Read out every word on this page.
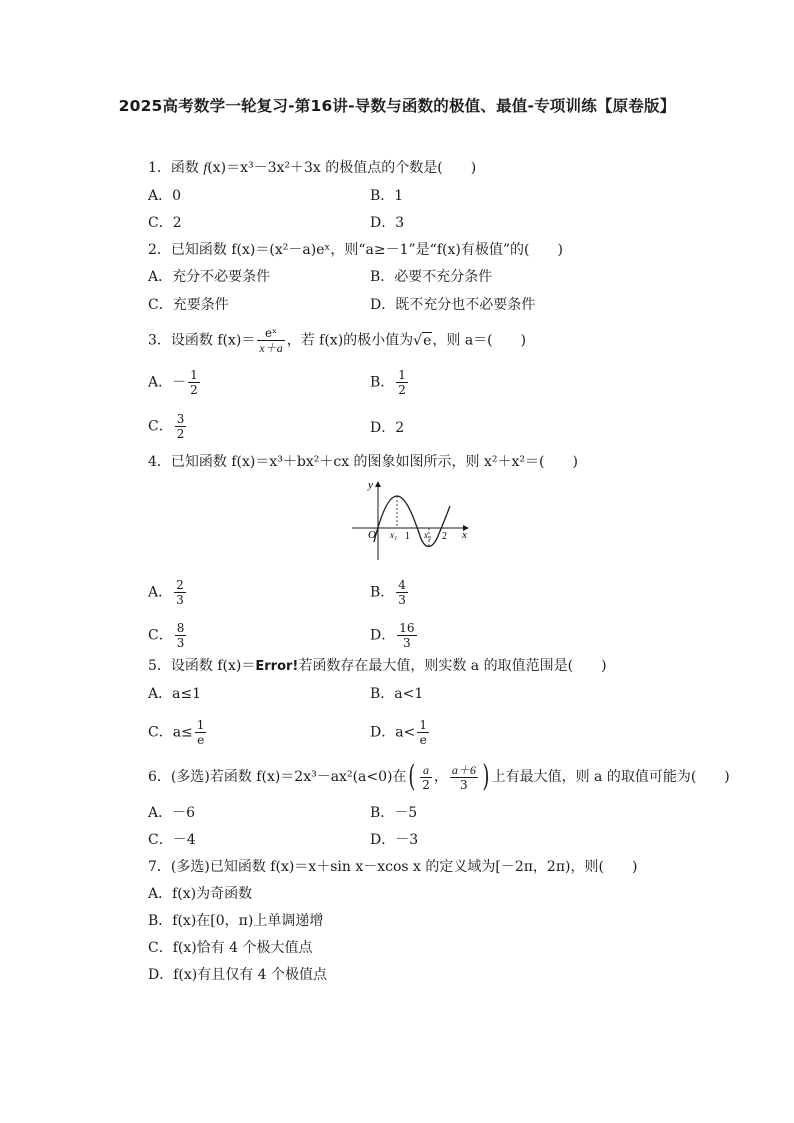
2025高考数学一轮复习-第16讲-导数与函数的极值、最值-专项训练【原卷版】
1．函数 f(x)＝x³－3x²＋3x 的极值点的个数是(　　)
A．0	B．1
C．2	D．3
2．已知函数 f(x)＝(x²－a)eˣ，则“a≥－1”是“f(x)有极值”的(　　)
A．充分不必要条件	B．必要不充分条件
C．充要条件	D．既不充分也不必要条件
3．设函数 $f(x)= \frac{\text{eˣ}}{x+a}$ ，若 f(x)的极小值为√e，则 a＝(　　)
A．－ $\frac{1}{2}$	B． $\frac{1}{2}$
C． $\frac{3}{2}$	D．2
4．已知函数 f(x)＝x³＋bx²＋cx 的图象如图所示，则 x²＋x²＝(　　)
y
x
O x₁ 1 x₂ 2
A． $\frac{2}{3}$	B． $\frac{4}{3}$
C． $\frac{8}{3}$	D． $\frac{16}{3}$
5．设函数 f(x)＝Error!若函数存在最大值，则实数 a 的取值范围是(　　)
A．a≤1	B．a<1
C．$a\le \frac{1}{e}$	D．$a< \frac{1}{e}$
6．(多选)若函数 f(x)＝2x³－ax²(a<0)在( $\frac{a}{2}$ ， $\frac{a+6}{3}$ ) 上有最大值，则 a 的取值可能为(　　)
A．－6	B．－5
C．－4	D．－3
7．(多选)已知函数 f(x)＝x＋sin x－xcos x 的定义域为[－2π，2π)，则(　　)
A．f(x)为奇函数
B．f(x)在[0，π)上单调递增
C．f(x)恰有 4 个极大值点
D．f(x)有且仅有 4 个极值点
